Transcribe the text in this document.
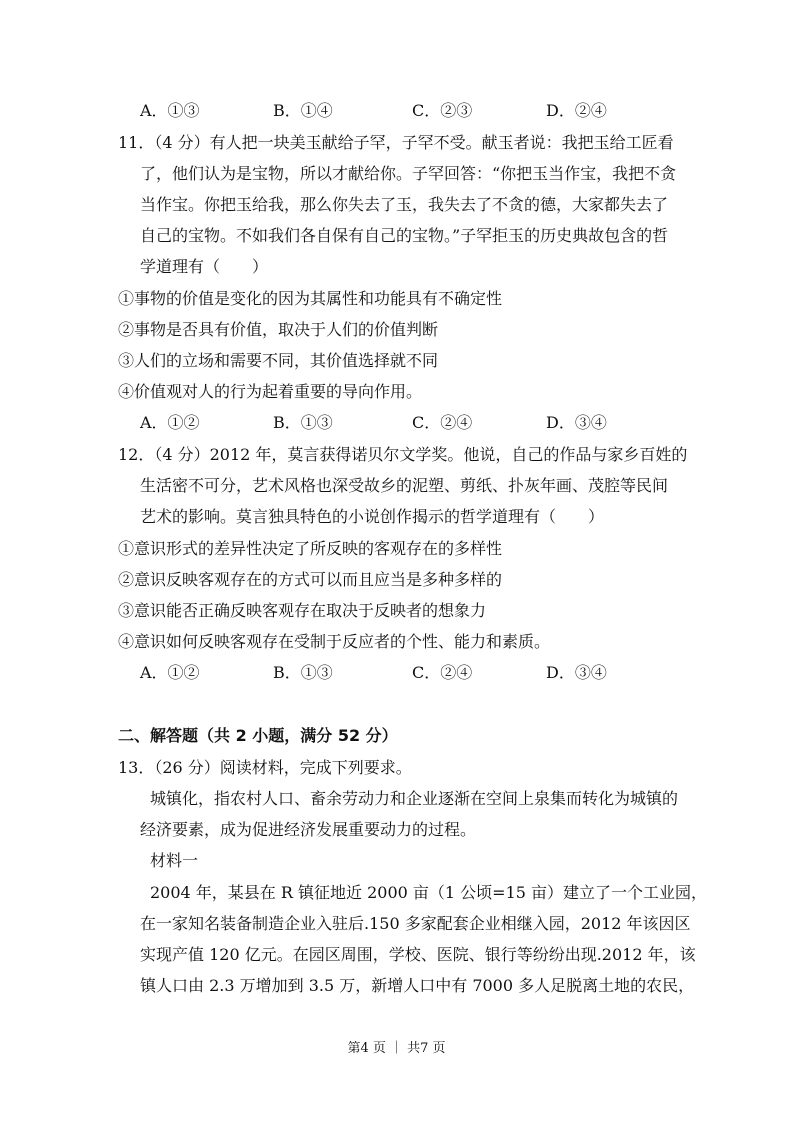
A．①③	B．①④	C．②③	D．②④
11．（4 分）有人把一块美玉献给子罕，子罕不受。献玉者说：我把玉给工匠看
了，他们认为是宝物，所以才献给你。子罕回答：“你把玉当作宝，我把不贪
当作宝。你把玉给我，那么你失去了玉，我失去了不贪的德，大家都失去了
自己的宝物。不如我们各自保有自己的宝物。”子罕拒玉的历史典故包含的哲
学道理有（　　）
①事物的价值是变化的因为其属性和功能具有不确定性
②事物是否具有价值，取决于人们的价值判断
③人们的立场和需要不同，其价值选择就不同
④价值观对人的行为起着重要的导向作用。
A．①②	B．①③	C．②④	D．③④
12．（4 分）2012 年，莫言获得诺贝尔文学奖。他说，自己的作品与家乡百姓的
生活密不可分，艺术风格也深受故乡的泥塑、剪纸、扑灰年画、茂腔等民间
艺术的影响。莫言独具特色的小说创作揭示的哲学道理有（　　）
①意识形式的差异性决定了所反映的客观存在的多样性
②意识反映客观存在的方式可以而且应当是多种多样的
③意识能否正确反映客观存在取决于反映者的想象力
④意识如何反映客观存在受制于反应者的个性、能力和素质。
A．①②	B．①③	C．②④	D．③④
二、解答题（共 2 小题，满分 52 分）
13．（26 分）阅读材料，完成下列要求。
城镇化，指农村人口、畜余劳动力和企业逐渐在空间上泉集而转化为城镇的
经济要素，成为促进经济发展重要动力的过程。
材料一
2004 年，某县在 R 镇征地近 2000 亩（1 公顷=15 亩）建立了一个工业园，
在一家知名装备制造企业入驻后.150 多家配套企业相继入园，2012 年该因区
实现产值 120 亿元。在园区周围，学校、医院、银行等纷纷出现.2012 年，该
镇人口由 2.3 万增加到 3.5 万，新增人口中有 7000 多人足脱离土地的农民，
第4 页 ｜ 共7 页
